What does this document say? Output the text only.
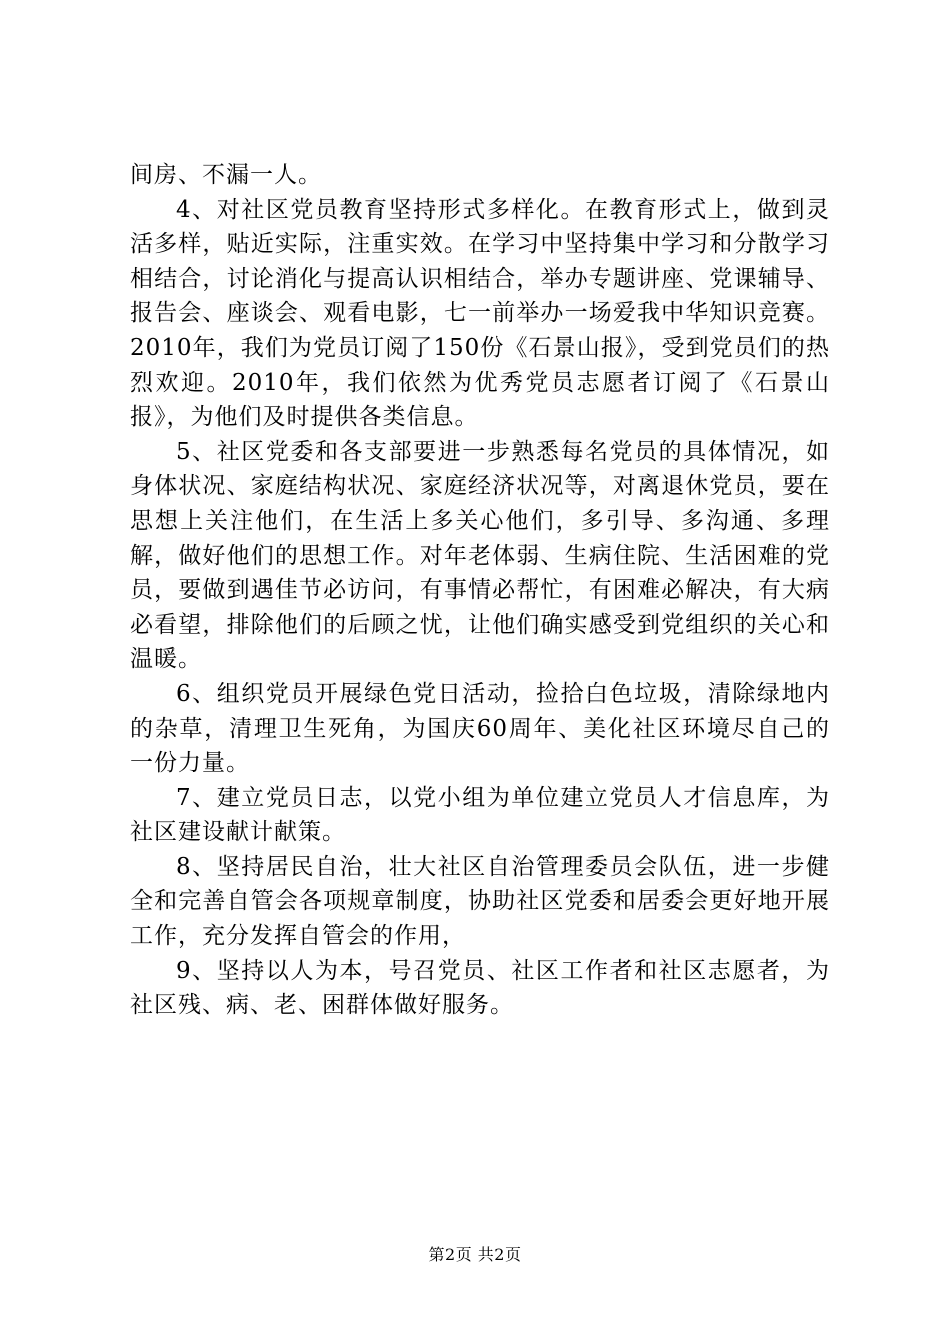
间房、不漏一人。

4、对社区党员教育坚持形式多样化。在教育形式上，做到灵活多样，贴近实际，注重实效。在学习中坚持集中学习和分散学习相结合，讨论消化与提高认识相结合，举办专题讲座、党课辅导、报告会、座谈会、观看电影，七一前举办一场爱我中华知识竞赛。2010年，我们为党员订阅了150份《石景山报》，受到党员们的热烈欢迎。2010年，我们依然为优秀党员志愿者订阅了《石景山报》，为他们及时提供各类信息。

5、社区党委和各支部要进一步熟悉每名党员的具体情况，如身体状况、家庭结构状况、家庭经济状况等，对离退休党员，要在思想上关注他们，在生活上多关心他们，多引导、多沟通、多理解，做好他们的思想工作。对年老体弱、生病住院、生活困难的党员，要做到遇佳节必访问，有事情必帮忙，有困难必解决，有大病必看望，排除他们的后顾之忧，让他们确实感受到党组织的关心和温暖。

6、组织党员开展绿色党日活动，捡拾白色垃圾，清除绿地内的杂草，清理卫生死角，为国庆60周年、美化社区环境尽自己的一份力量。

7、建立党员日志，以党小组为单位建立党员人才信息库，为社区建设献计献策。

8、坚持居民自治，壮大社区自治管理委员会队伍，进一步健全和完善自管会各项规章制度，协助社区党委和居委会更好地开展工作，充分发挥自管会的作用，

9、坚持以人为本，号召党员、社区工作者和社区志愿者，为社区残、病、老、困群体做好服务。

第2页 共2页
